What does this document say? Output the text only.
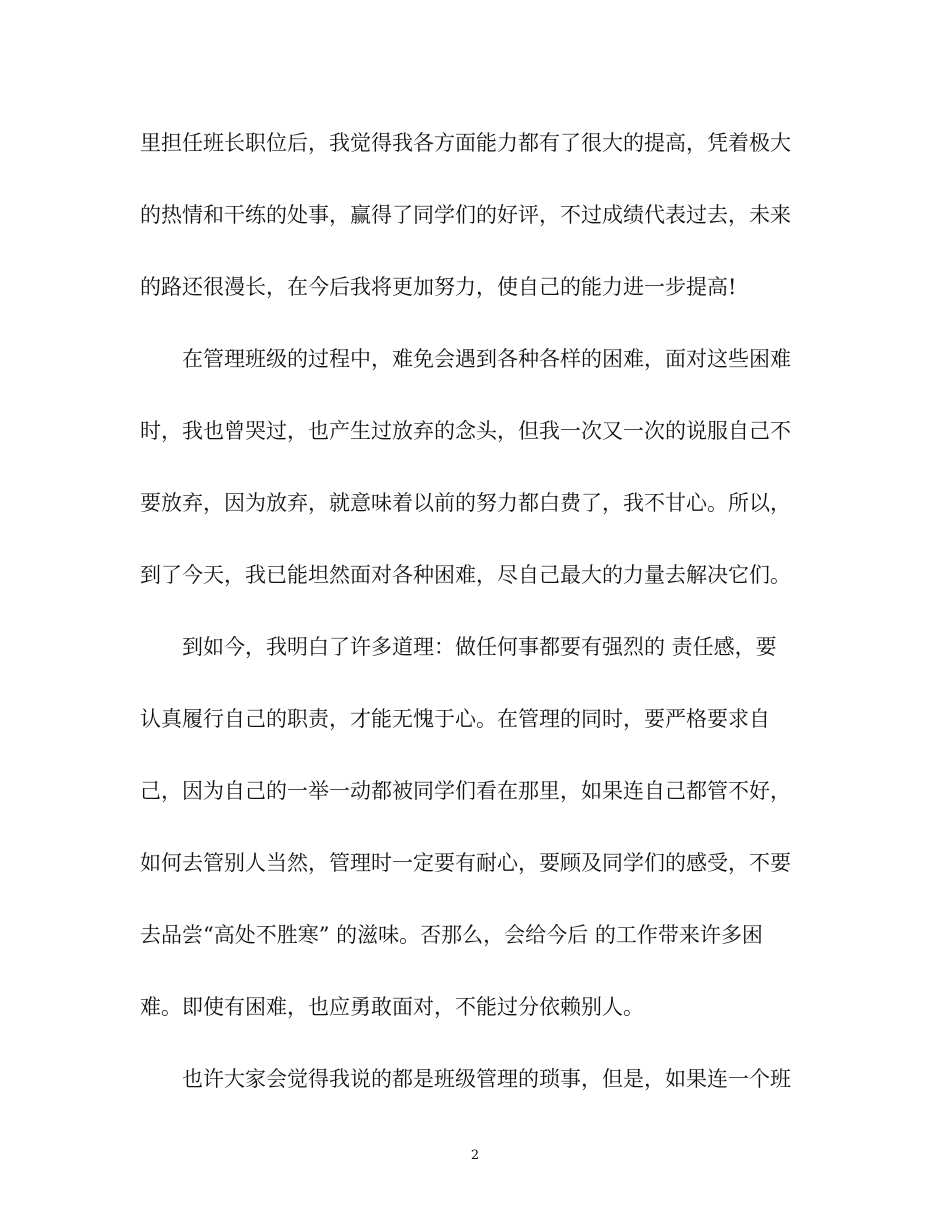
里担任班长职位后，我觉得我各方面能力都有了很大的提高，凭着极大
的热情和干练的处事，赢得了同学们的好评，不过成绩代表过去，未来
的路还很漫长，在今后我将更加努力，使自己的能力进一步提高!
在管理班级的过程中，难免会遇到各种各样的困难，面对这些困难
时，我也曾哭过，也产生过放弃的念头，但我一次又一次的说服自己不
要放弃，因为放弃，就意味着以前的努力都白费了，我不甘心。所以，
到了今天，我已能坦然面对各种困难，尽自己最大的力量去解决它们。
到如今，我明白了许多道理：做任何事都要有强烈的 责任感，要
认真履行自己的职责，才能无愧于心。在管理的同时，要严格要求自
己，因为自己的一举一动都被同学们看在那里，如果连自己都管不好，
如何去管别人当然，管理时一定要有耐心，要顾及同学们的感受，不要
去品尝“高处不胜寒” 的滋味。否那么，会给今后 的工作带来许多困
难。即使有困难，也应勇敢面对，不能过分依赖别人。
也许大家会觉得我说的都是班级管理的琐事，但是，如果连一个班
2
